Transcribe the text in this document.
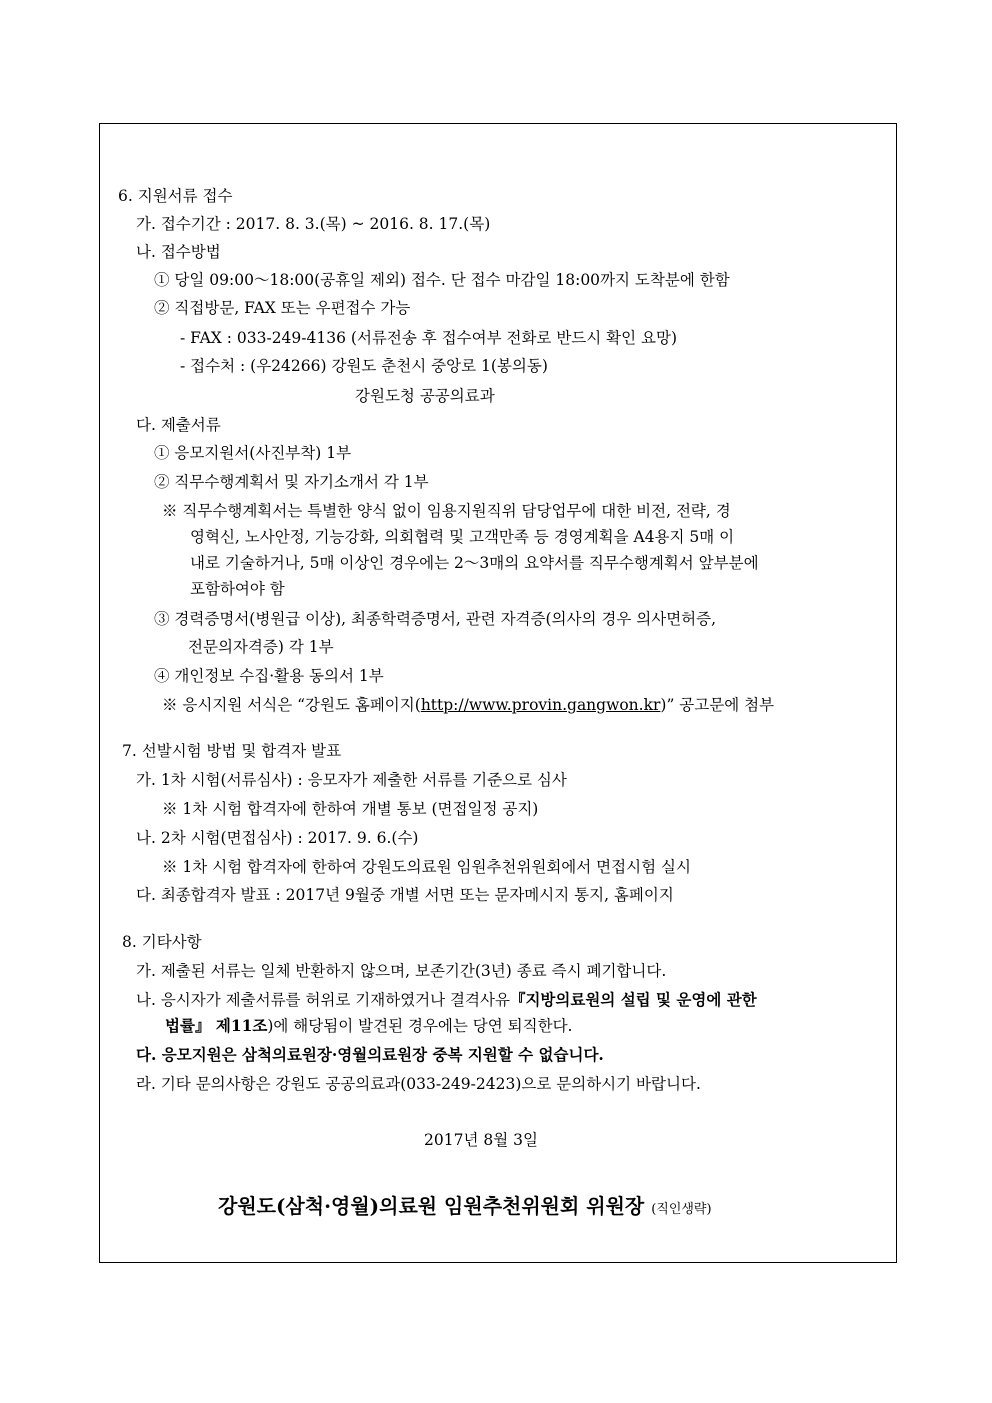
6. 지원서류 접수
가. 접수기간 : 2017. 8. 3.(목) ~ 2016. 8. 17.(목)
나. 접수방법
① 당일 09:00～18:00(공휴일 제외) 접수. 단 접수 마감일 18:00까지 도착분에 한함
② 직접방문, FAX 또는 우편접수 가능
- FAX : 033-249-4136 (서류전송 후 접수여부 전화로 반드시 확인 요망)
- 접수처 : (우24266) 강원도 춘천시 중앙로 1(봉의동)
강원도청 공공의료과
다. 제출서류
① 응모지원서(사진부착) 1부
② 직무수행계획서 및 자기소개서 각 1부
※ 직무수행계획서는 특별한 양식 없이 임용지원직위 담당업무에 대한 비전, 전략, 경
영혁신, 노사안정, 기능강화, 의회협력 및 고객만족 등 경영계획을 A4용지 5매 이
내로 기술하거나, 5매 이상인 경우에는 2～3매의 요약서를 직무수행계획서 앞부분에
포함하여야 함
③ 경력증명서(병원급 이상), 최종학력증명서, 관련 자격증(의사의 경우 의사면허증,
전문의자격증) 각 1부
④ 개인정보 수집·활용 동의서 1부
※ 응시지원 서식은 “강원도 홈페이지(http://www.provin.gangwon.kr)” 공고문에 첨부
7. 선발시험 방법 및 합격자 발표
가. 1차 시험(서류심사) : 응모자가 제출한 서류를 기준으로 심사
※ 1차 시험 합격자에 한하여 개별 통보 (면접일정 공지)
나. 2차 시험(면접심사) : 2017. 9. 6.(수)
※ 1차 시험 합격자에 한하여 강원도의료원 임원추천위원회에서 면접시험 실시
다. 최종합격자 발표 : 2017년 9월중 개별 서면 또는 문자메시지 통지, 홈페이지
8. 기타사항
가. 제출된 서류는 일체 반환하지 않으며, 보존기간(3년) 종료 즉시 폐기합니다.
나. 응시자가 제출서류를 허위로 기재하였거나 결격사유『지방의료원의 설립 및 운영에 관한
법률』 제11조)에 해당됨이 발견된 경우에는 당연 퇴직한다.
다. 응모지원은 삼척의료원장·영월의료원장 중복 지원할 수 없습니다.
라. 기타 문의사항은 강원도 공공의료과(033-249-2423)으로 문의하시기 바랍니다.
2017년 8월 3일
강원도(삼척·영월)의료원 임원추천위원회 위원장 (직인생략)
